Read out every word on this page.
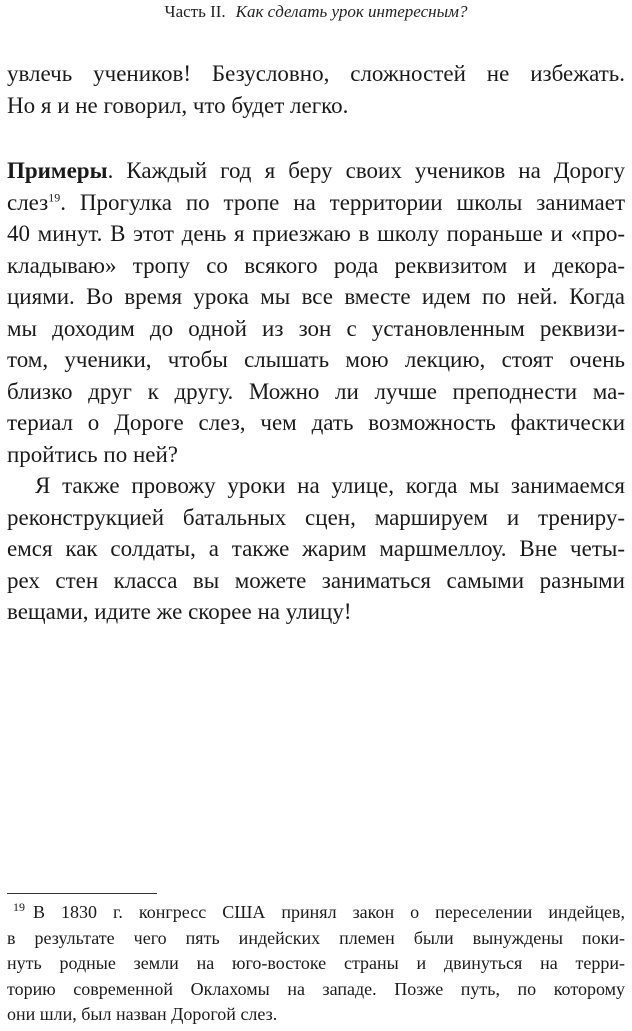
Часть II. Как сделать урок интересным?
увлечь учеников! Безусловно, сложностей не избежать.
Но я и не говорил, что будет легко.
Примеры. Каждый год я беру своих учеников на Дорогу
слез$^{19}$. Прогулка по тропе на территории школы занимает
40 минут. В этот день я приезжаю в школу пораньше и «про-
кладываю» тропу со всякого рода реквизитом и декора-
циями. Во время урока мы все вместе идем по ней. Когда
мы доходим до одной из зон с установленным реквизи-
том, ученики, чтобы слышать мою лекцию, стоят очень
близко друг к другу. Можно ли лучше преподнести ма-
териал о Дороге слез, чем дать возможность фактически
пройтись по ней?
Я также провожу уроки на улице, когда мы занимаемся
реконструкцией батальных сцен, маршируем и трениру-
емся как солдаты, а также жарим маршмеллоу. Вне четы-
рех стен класса вы можете заниматься самыми разными
вещами, идите же скорее на улицу!
$^{19}$ В 1830 г. конгресс США принял закон о переселении индейцев,
в результате чего пять индейских племен были вынуждены поки-
нуть родные земли на юго-востоке страны и двинуться на терри-
торию современной Оклахомы на западе. Позже путь, по которому
они шли, был назван Дорогой слез.
